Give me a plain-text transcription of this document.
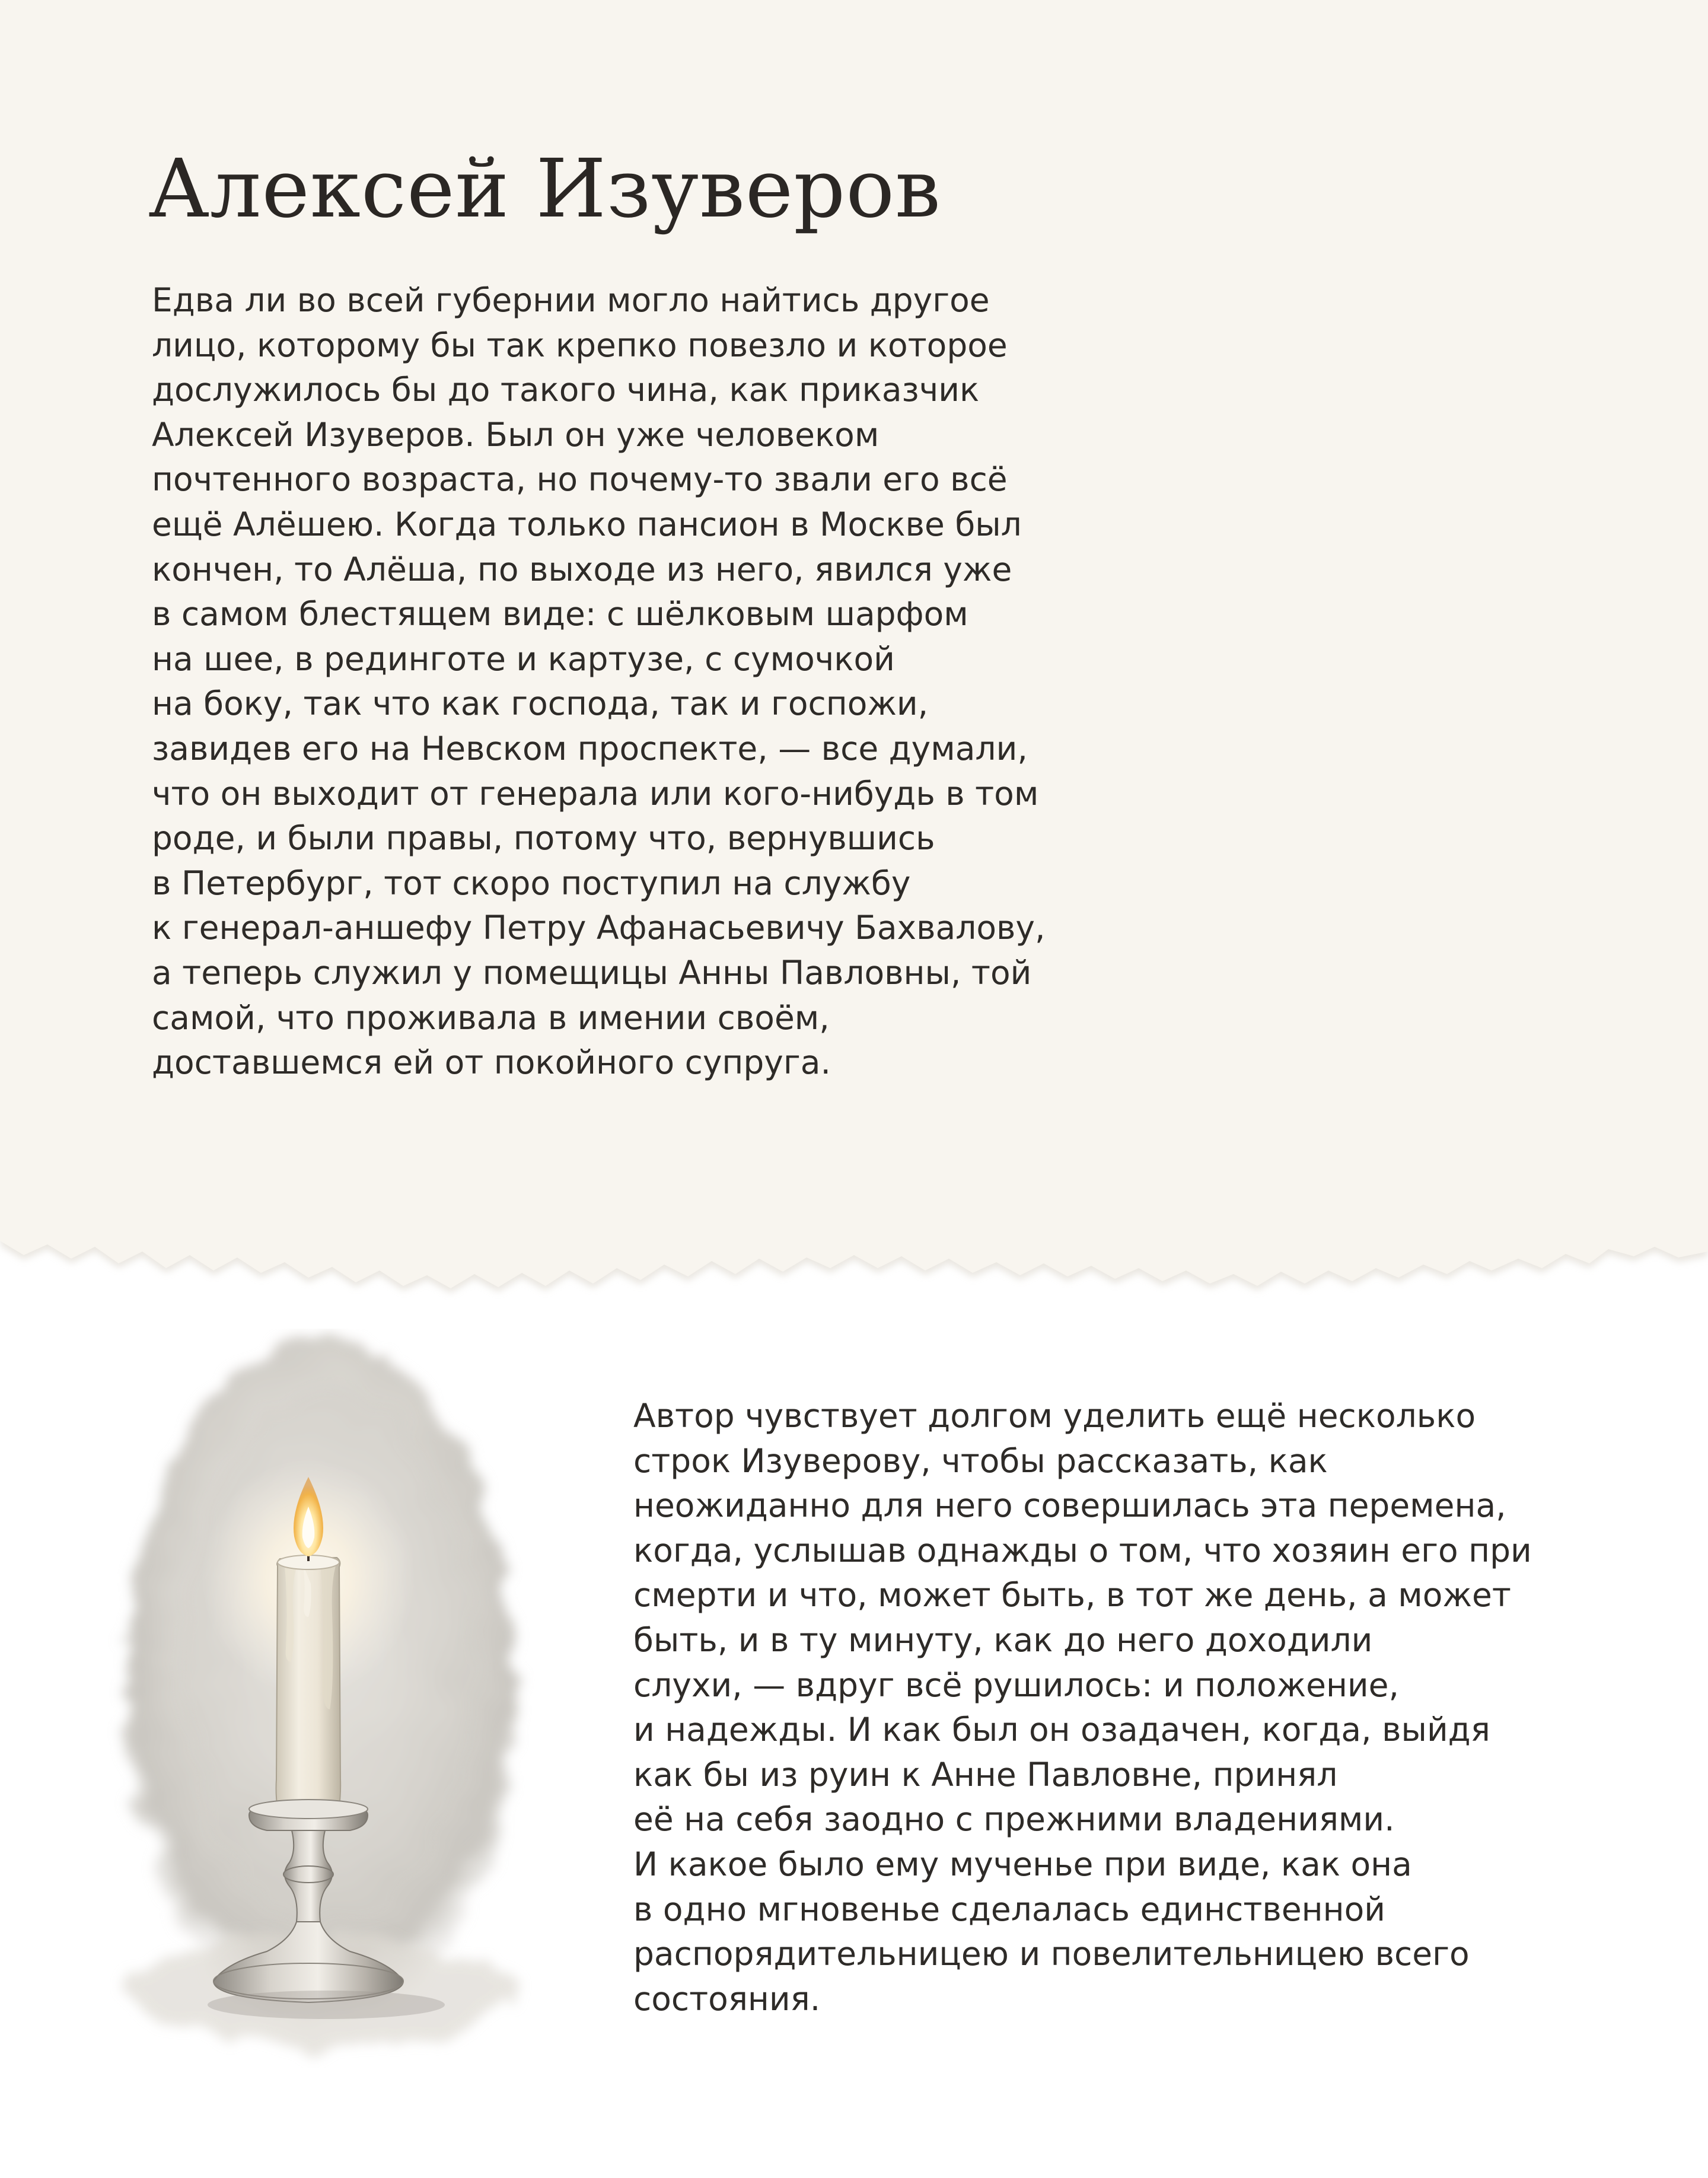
Алексей Изуверов

Едва ли во всей губернии могло найтись другое
лицо, которому бы так крепко повезло и которое
дослужилось бы до такого чина, как приказчик
Алексей Изуверов. Был он уже человеком
почтенного возраста, но почему-то звали его всё
ещё Алёшею. Когда только пансион в Москве был
кончен, то Алёша, по выходе из него, явился уже
в самом блестящем виде: с шёлковым шарфом
на шее, в рединготе и картузе, с сумочкой
на боку, так что как господа, так и госпожи,
завидев его на Невском проспекте, — все думали,
что он выходит от генерала или кого-нибудь в том
роде, и были правы, потому что, вернувшись
в Петербург, тот скоро поступил на службу
к генерал-аншефу Петру Афанасьевичу Бахвалову,
а теперь служил у помещицы Анны Павловны, той
самой, что проживала в имении своём,
доставшемся ей от покойного супруга.

Автор чувствует долгом уделить ещё несколько
строк Изуверову, чтобы рассказать, как
неожиданно для него совершилась эта перемена,
когда, услышав однажды о том, что хозяин его при
смерти и что, может быть, в тот же день, а может
быть, и в ту минуту, как до него доходили
слухи, — вдруг всё рушилось: и положение,
и надежды. И как был он озадачен, когда, выйдя
как бы из руин к Анне Павловне, принял
её на себя заодно с прежними владениями.
И какое было ему мученье при виде, как она
в одно мгновенье сделалась единственной
распорядительницею и повелительницею всего
состояния.
